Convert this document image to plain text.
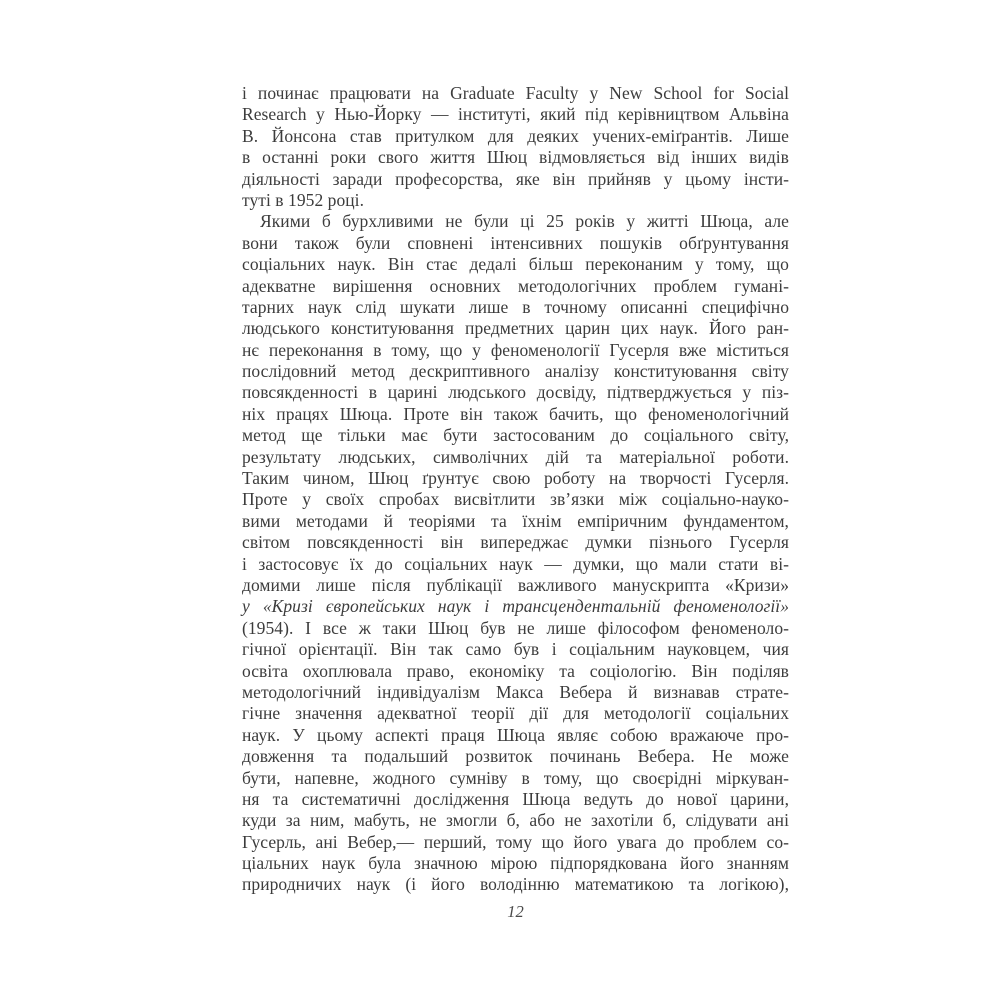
і починає працювати на Graduate Faculty у New School for Social
Research у Нью-Йорку — інституті, який під керівництвом Альвіна
В. Йонсона став притулком для деяких учених-еміґрантів. Лише
в останні роки свого життя Шюц відмовляється від інших видів
діяльності заради професорства, яке він прийняв у цьому інсти-
туті в 1952 році.
Якими б бурхливими не були ці 25 років у житті Шюца, але
вони також були сповнені інтенсивних пошуків обґрунтування
соціальних наук. Він стає дедалі більш переконаним у тому, що
адекватне вирішення основних методологічних проблем гумані-
тарних наук слід шукати лише в точному описанні специфічно
людського конституювання предметних царин цих наук. Його ран-
нє переконання в тому, що у феноменології Гусерля вже міститься
послідовний метод дескриптивного аналізу конституювання світу
повсякденності в царині людського досвіду, підтверджується у піз-
ніх працях Шюца. Проте він також бачить, що феноменологічний
метод ще тільки має бути застосованим до соціального світу,
результату людських, символічних дій та матеріальної роботи.
Таким чином, Шюц ґрунтує свою роботу на творчості Гусерля.
Проте у своїх спробах висвітлити зв’язки між соціально-науко-
вими методами й теоріями та їхнім емпіричним фундаментом,
світом повсякденності він випереджає думки пізнього Гусерля
і застосовує їх до соціальних наук — думки, що мали стати ві-
домими лише після публікації важливого манускрипта «Кризи»
у «Кризі європейських наук і трансцендентальній феноменології»
(1954). І все ж таки Шюц був не лише філософом феноменоло-
гічної орієнтації. Він так само був і соціальним науковцем, чия
освіта охоплювала право, економіку та соціологію. Він поділяв
методологічний індивідуалізм Макса Вебера й визнавав страте-
гічне значення адекватної теорії дії для методології соціальних
наук. У цьому аспекті праця Шюца являє собою вражаюче про-
довження та подальший розвиток починань Вебера. Не може
бути, напевне, жодного сумніву в тому, що своєрідні міркуван-
ня та систематичні дослідження Шюца ведуть до нової царини,
куди за ним, мабуть, не змогли б, або не захотіли б, слідувати ані
Гусерль, ані Вебер,— перший, тому що його увага до проблем со-
ціальних наук була значною мірою підпорядкована його знанням
природничих наук (і його володінню математикою та логікою),
12
